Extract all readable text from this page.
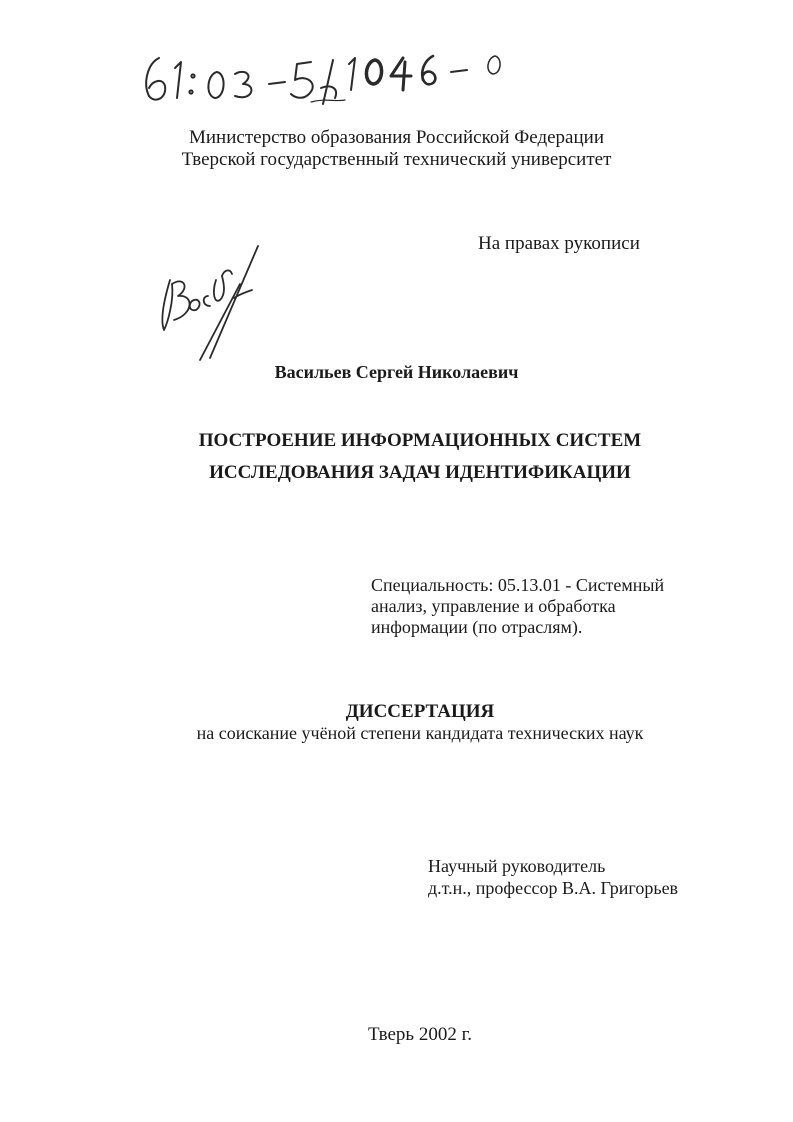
Министерство образования Российской Федерации
Тверской государственный технический университет
На правах рукописи
Васильев Сергей Николаевич
ПОСТРОЕНИЕ ИНФОРМАЦИОННЫХ СИСТЕМ
ИССЛЕДОВАНИЯ ЗАДАЧ ИДЕНТИФИКАЦИИ
Специальность: 05.13.01 - Системный
анализ, управление и обработка
информации (по отраслям).
ДИССЕРТАЦИЯ
на соискание учёной степени кандидата технических наук
Научный руководитель
д.т.н., профессор В.А. Григорьев
Тверь 2002 г.
